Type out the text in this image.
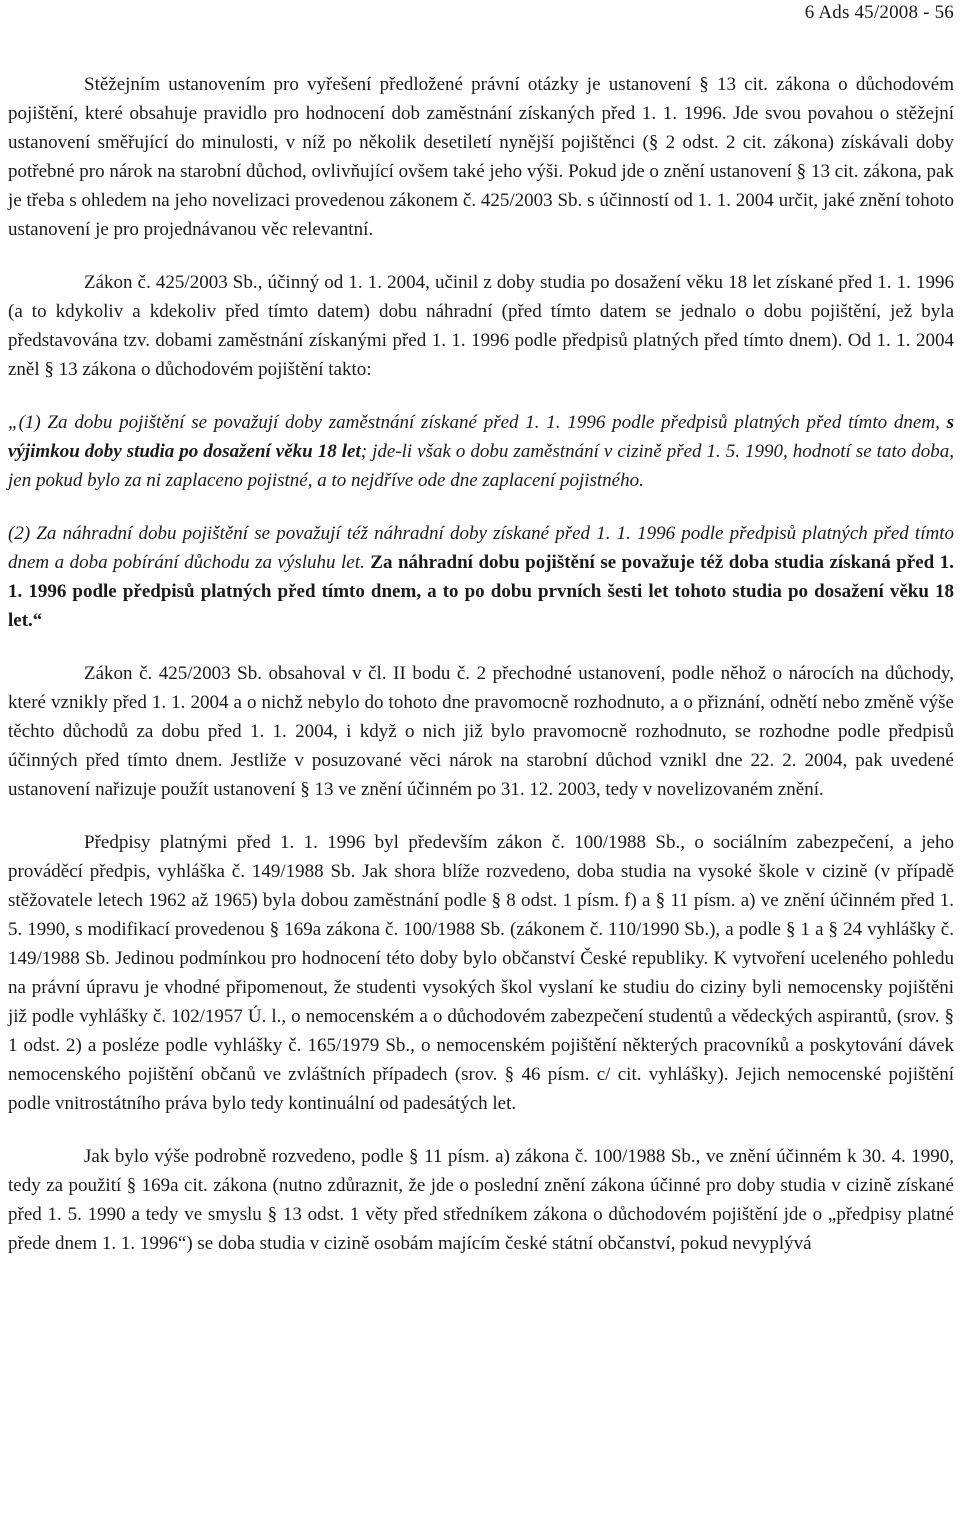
6 Ads 45/2008 - 56

Stěžejním ustanovením pro vyřešení předložené právní otázky je ustanovení § 13 cit. zákona o důchodovém pojištění, které obsahuje pravidlo pro hodnocení dob zaměstnání získaných před 1. 1. 1996. Jde svou povahou o stěžejní ustanovení směřující do minulosti, v níž po několik desetiletí nynější pojištěnci (§ 2 odst. 2 cit. zákona) získávali doby potřebné pro nárok na starobní důchod, ovlivňující ovšem také jeho výši. Pokud jde o znění ustanovení § 13 cit. zákona, pak je třeba s ohledem na jeho novelizaci provedenou zákonem č. 425/2003 Sb. s účinností od 1. 1. 2004 určit, jaké znění tohoto ustanovení je pro projednávanou věc relevantní.

Zákon č. 425/2003 Sb., účinný od 1. 1. 2004, učinil z doby studia po dosažení věku 18 let získané před 1. 1. 1996 (a to kdykoliv a kdekoliv před tímto datem) dobu náhradní (před tímto datem se jednalo o dobu pojištění, jež byla představována tzv. dobami zaměstnání získanými před 1. 1. 1996 podle předpisů platných před tímto dnem). Od 1. 1. 2004 zněl § 13 zákona o důchodovém pojištění takto:

„(1) Za dobu pojištění se považují doby zaměstnání získané před 1. 1. 1996 podle předpisů platných před tímto dnem, s výjimkou doby studia po dosažení věku 18 let; jde-li však o dobu zaměstnání v cizině před 1. 5. 1990, hodnotí se tato doba, jen pokud bylo za ni zaplaceno pojistné, a to nejdříve ode dne zaplacení pojistného.

(2) Za náhradní dobu pojištění se považují též náhradní doby získané před 1. 1. 1996 podle předpisů platných před tímto dnem a doba pobírání důchodu za výsluhu let. Za náhradní dobu pojištění se považuje též doba studia získaná před 1. 1. 1996 podle předpisů platných před tímto dnem, a to po dobu prvních šesti let tohoto studia po dosažení věku 18 let.“

Zákon č. 425/2003 Sb. obsahoval v čl. II bodu č. 2 přechodné ustanovení, podle něhož o nárocích na důchody, které vznikly před 1. 1. 2004 a o nichž nebylo do tohoto dne pravomocně rozhodnuto, a o přiznání, odnětí nebo změně výše těchto důchodů za dobu před 1. 1. 2004, i když o nich již bylo pravomocně rozhodnuto, se rozhodne podle předpisů účinných před tímto dnem. Jestliže v posuzované věci nárok na starobní důchod vznikl dne 22. 2. 2004, pak uvedené ustanovení nařizuje použít ustanovení § 13 ve znění účinném po 31. 12. 2003, tedy v novelizovaném znění.

Předpisy platnými před 1. 1. 1996 byl především zákon č. 100/1988 Sb., o sociálním zabezpečení, a jeho prováděcí předpis, vyhláška č. 149/1988 Sb. Jak shora blíže rozvedeno, doba studia na vysoké škole v cizině (v případě stěžovatele letech 1962 až 1965) byla dobou zaměstnání podle § 8 odst. 1 písm. f) a § 11 písm. a) ve znění účinném před 1. 5. 1990, s modifikací provedenou § 169a zákona č. 100/1988 Sb. (zákonem č. 110/1990 Sb.), a podle § 1 a § 24 vyhlášky č. 149/1988 Sb. Jedinou podmínkou pro hodnocení této doby bylo občanství České republiky. K vytvoření uceleného pohledu na právní úpravu je vhodné připomenout, že studenti vysokých škol vyslaní ke studiu do ciziny byli nemocensky pojištěni již podle vyhlášky č. 102/1957 Ú. l., o nemocenském a o důchodovém zabezpečení studentů a vědeckých aspirantů, (srov. § 1 odst. 2) a posléze podle vyhlášky č. 165/1979 Sb., o nemocenském pojištění některých pracovníků a poskytování dávek nemocenského pojištění občanů ve zvláštních případech (srov. § 46 písm. c/ cit. vyhlášky). Jejich nemocenské pojištění podle vnitrostátního práva bylo tedy kontinuální od padesátých let.

Jak bylo výše podrobně rozvedeno, podle § 11 písm. a) zákona č. 100/1988 Sb., ve znění účinném k 30. 4. 1990, tedy za použití § 169a cit. zákona (nutno zdůraznit, že jde o poslední znění zákona účinné pro doby studia v cizině získané před 1. 5. 1990 a tedy ve smyslu § 13 odst. 1 věty před středníkem zákona o důchodovém pojištění jde o „předpisy platné přede dnem 1. 1. 1996“) se doba studia v cizině osobám majícím české státní občanství, pokud nevyplývá
